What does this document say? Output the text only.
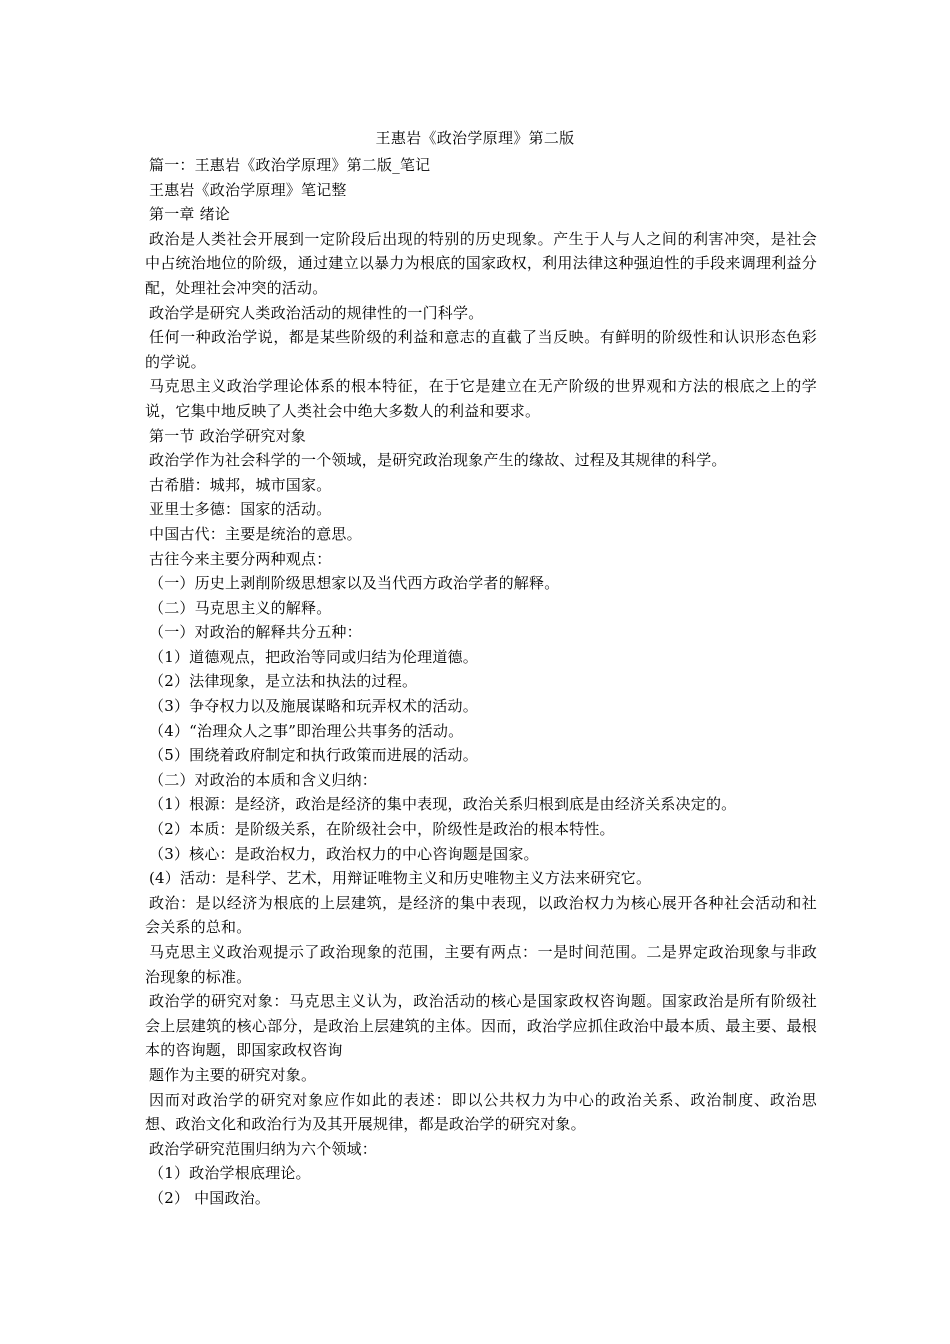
王惠岩《政治学原理》第二版

篇一：王惠岩《政治学原理》第二版_笔记

王惠岩《政治学原理》笔记整

第一章 绪论

政治是人类社会开展到一定阶段后出现的特别的历史现象。产生于人与人之间的利害冲突，是社会中占统治地位的阶级，通过建立以暴力为根底的国家政权，利用法律这种强迫性的手段来调理利益分配，处理社会冲突的活动。

政治学是研究人类政治活动的规律性的一门科学。

任何一种政治学说，都是某些阶级的利益和意志的直截了当反映。有鲜明的阶级性和认识形态色彩的学说。

马克思主义政治学理论体系的根本特征，在于它是建立在无产阶级的世界观和方法的根底之上的学说，它集中地反映了人类社会中绝大多数人的利益和要求。

第一节 政治学研究对象

政治学作为社会科学的一个领域，是研究政治现象产生的缘故、过程及其规律的科学。

古希腊：城邦，城市国家。

亚里士多德：国家的活动。

中国古代：主要是统治的意思。

古往今来主要分两种观点：

（一）历史上剥削阶级思想家以及当代西方政治学者的解释。

（二）马克思主义的解释。

（一）对政治的解释共分五种：

（1）道德观点，把政治等同或归结为伦理道德。

（2）法律现象，是立法和执法的过程。

（3）争夺权力以及施展谋略和玩弄权术的活动。

（4）“治理众人之事”即治理公共事务的活动。

（5）围绕着政府制定和执行政策而进展的活动。

（二）对政治的本质和含义归纳：

（1）根源：是经济，政治是经济的集中表现，政治关系归根到底是由经济关系决定的。

（2）本质：是阶级关系，在阶级社会中，阶级性是政治的根本特性。

（3）核心：是政治权力，政治权力的中心咨询题是国家。

(4）活动：是科学、艺术，用辩证唯物主义和历史唯物主义方法来研究它。

政治：是以经济为根底的上层建筑，是经济的集中表现，以政治权力为核心展开各种社会活动和社会关系的总和。

马克思主义政治观提示了政治现象的范围，主要有两点：一是时间范围。二是界定政治现象与非政治现象的标准。

政治学的研究对象：马克思主义认为，政治活动的核心是国家政权咨询题。国家政治是所有阶级社会上层建筑的核心部分，是政治上层建筑的主体。因而，政治学应抓住政治中最本质、最主要、最根本的咨询题，即国家政权咨询

题作为主要的研究对象。

因而对政治学的研究对象应作如此的表述：即以公共权力为中心的政治关系、政治制度、政治思想、政治文化和政治行为及其开展规律，都是政治学的研究对象。

政治学研究范围归纳为六个领域：

（1）政治学根底理论。

（2） 中国政治。
